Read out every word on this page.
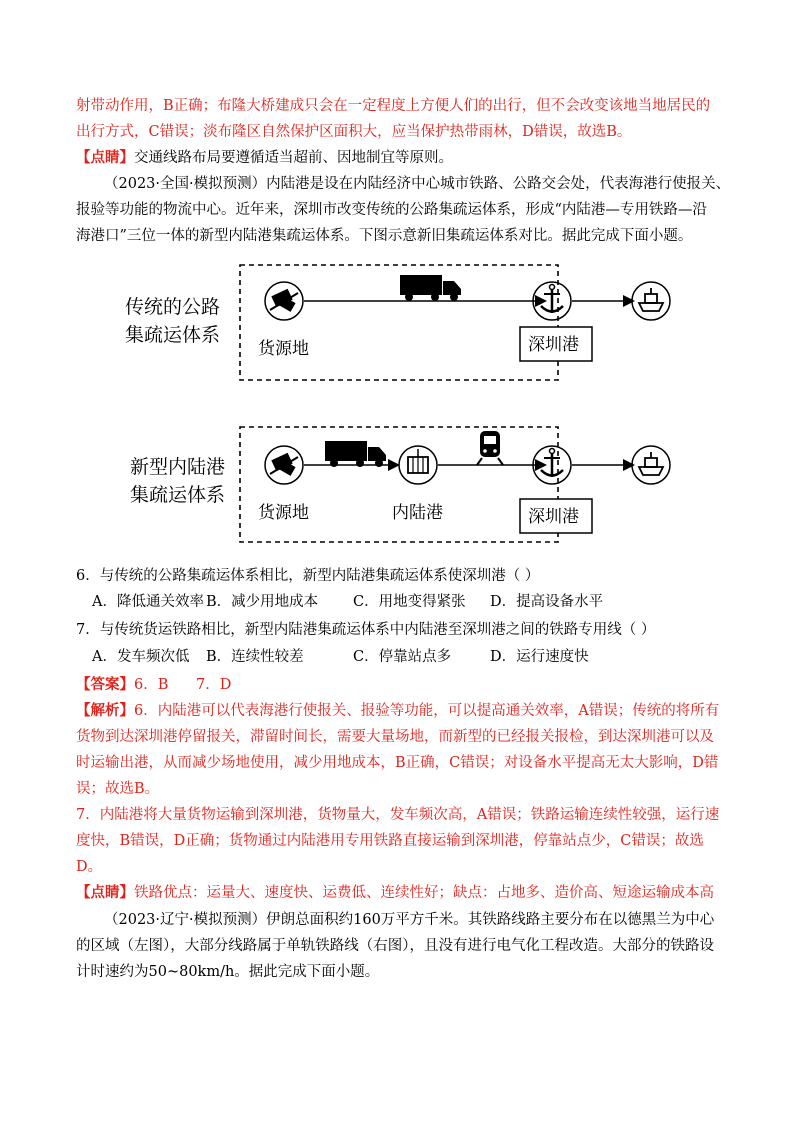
射带动作用，B正确；布隆大桥建成只会在一定程度上方便人们的出行，但不会改变该地当地居民的
出行方式，C错误；淡布隆区自然保护区面积大，应当保护热带雨林，D错误，故选B。
【点睛】交通线路布局要遵循适当超前、因地制宜等原则。
（2023·全国·模拟预测）内陆港是设在内陆经济中心城市铁路、公路交会处，代表海港行使报关、
报验等功能的物流中心。近年来，深圳市改变传统的公路集疏运体系，形成“内陆港—专用铁路—沿
海港口”三位一体的新型内陆港集疏运体系。下图示意新旧集疏运体系对比。据此完成下面小题。
传统的公路
集疏运体系
货源地	深圳港
新型内陆港
集疏运体系
货源地	内陆港	深圳港
6．与传统的公路集疏运体系相比，新型内陆港集疏运体系使深圳港（ ）
A．降低通关效率 B．减少用地成本 C．用地变得紧张 D．提高设备水平
7．与传统货运铁路相比，新型内陆港集疏运体系中内陆港至深圳港之间的铁路专用线（ ）
A．发车频次低 B．连续性较差	C．停靠站点多	D．运行速度快
【答案】6．B      7．D
【解析】6．内陆港可以代表海港行使报关、报验等功能，可以提高通关效率，A错误；传统的将所有
货物到达深圳港停留报关，滞留时间长，需要大量场地，而新型的已经报关报检，到达深圳港可以及
时运输出港，从而减少场地使用，减少用地成本，B正确，C错误；对设备水平提高无太大影响，D错
误；故选B。
7．内陆港将大量货物运输到深圳港，货物量大，发车频次高，A错误；铁路运输连续性较强，运行速
度快，B错误，D正确；货物通过内陆港用专用铁路直接运输到深圳港，停靠站点少，C错误；故选
D。
【点睛】铁路优点：运量大、速度快、运费低、连续性好；缺点：占地多、造价高、短途运输成本高
（2023·辽宁·模拟预测）伊朗总面积约160万平方千米。其铁路线路主要分布在以德黑兰为中心
的区域（左图），大部分线路属于单轨铁路线（右图），且没有进行电气化工程改造。大部分的铁路设
计时速约为50~80km/h。据此完成下面小题。
